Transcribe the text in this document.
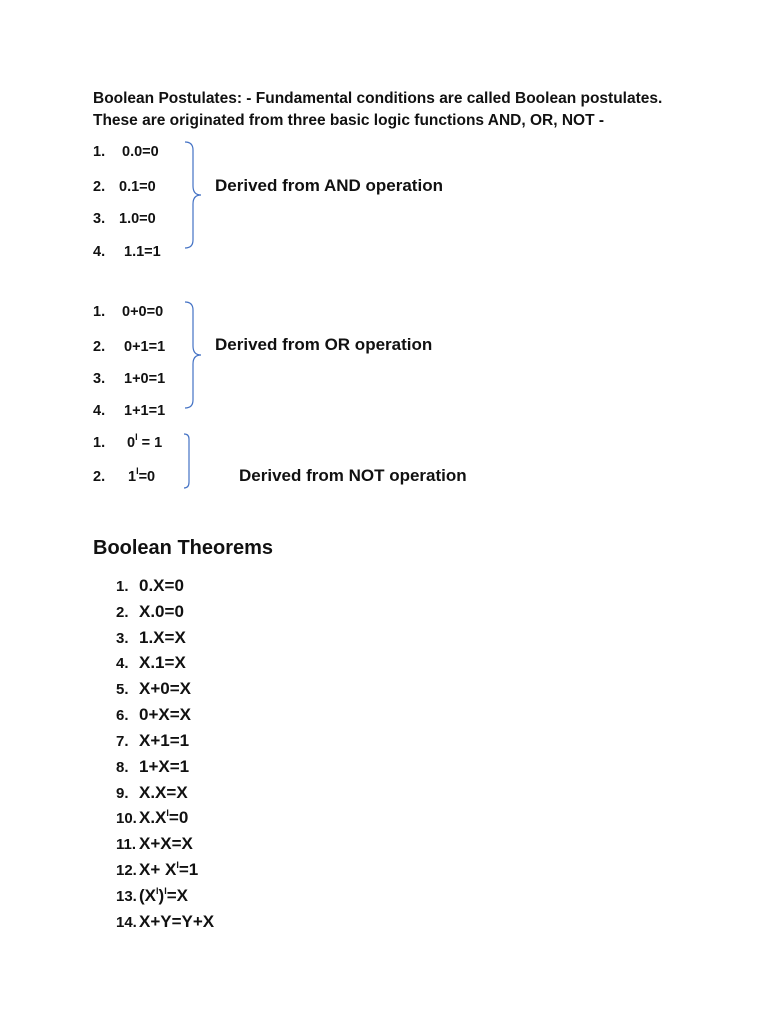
Boolean Postulates: - Fundamental conditions are called Boolean postulates.
These are originated from three basic logic functions AND, OR, NOT -
1. 0.0=0
2. 0.1=0
3. 1.0=0
4. 1.1=1
Derived from AND operation
1. 0+0=0
2. 0+1=1
3. 1+0=1
4. 1+1=1
Derived from OR operation
1. $0^I = 1$
2. $1^I=0$	Derived from NOT operation
Boolean Theorems
1. 0.X=0
2. X.0=0
3. 1.X=X
4. X.1=X
5. X+0=X
6. 0+X=X
7. X+1=1
8. 1+X=1
9. X.X=X
10. $X.X^I=0$
11. X+X=X
12. $X+ X^I=1$
13. $(X^I)^I=X$
14. X+Y=Y+X
